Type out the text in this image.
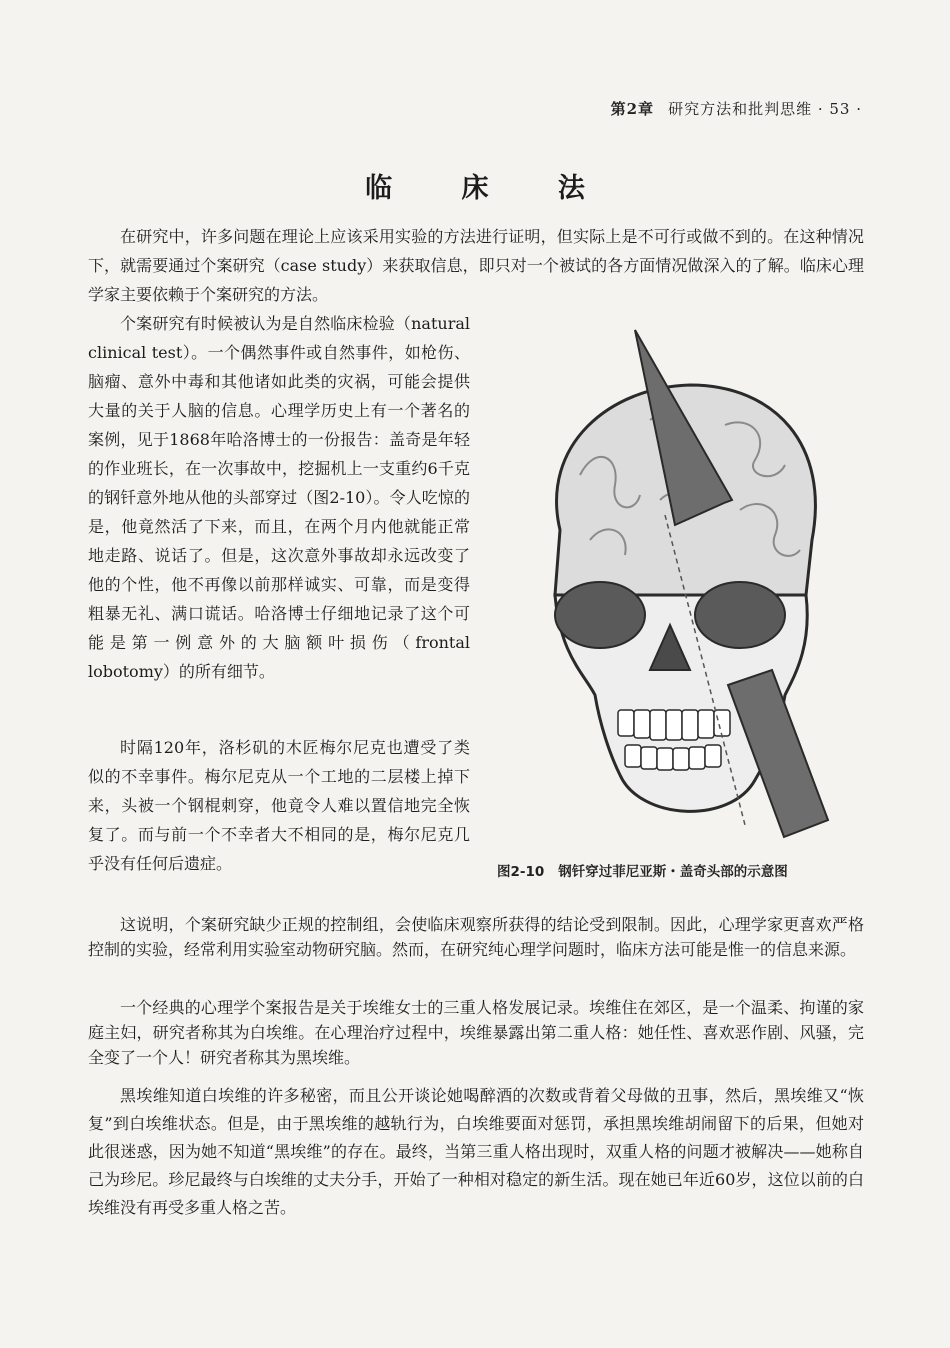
第2章 研究方法和批判思维 · 53 ·
临 床 法

在研究中，许多问题在理论上应该采用实验的方法进行证明，但实际上是不可行或做不到的。在这种情况下，就需要通过个案研究（case study）来获取信息，即只对一个被试的各方面情况做深入的了解。临床心理学家主要依赖于个案研究的方法。

个案研究有时候被认为是自然临床检验（natural clinical test）。一个偶然事件或自然事件，如枪伤、脑瘤、意外中毒和其他诸如此类的灾祸，可能会提供大量的关于人脑的信息。心理学历史上有一个著名的案例，见于1868年哈洛博士的一份报告：盖奇是年轻的作业班长，在一次事故中，挖掘机上一支重约6千克的钢钎意外地从他的头部穿过（图2-10）。令人吃惊的是，他竟然活了下来，而且，在两个月内他就能正常地走路、说话了。但是，这次意外事故却永远改变了他的个性，他不再像以前那样诚实、可靠，而是变得粗暴无礼、满口谎话。哈洛博士仔细地记录了这个可能是第一例意外的大脑额叶损伤（frontal lobotomy）的所有细节。

时隔120年，洛杉矶的木匠梅尔尼克也遭受了类似的不幸事件。梅尔尼克从一个工地的二层楼上掉下来，头被一个钢棍刺穿，他竟令人难以置信地完全恢复了。而与前一个不幸者大不相同的是，梅尔尼克几乎没有任何后遗症。	图2-10 钢钎穿过菲尼亚斯・盖奇头部的示意图

这说明，个案研究缺少正规的控制组，会使临床观察所获得的结论受到限制。因此，心理学家更喜欢严格控制的实验，经常利用实验室动物研究脑。然而，在研究纯心理学问题时，临床方法可能是惟一的信息来源。

一个经典的心理学个案报告是关于埃维女士的三重人格发展记录。埃维住在郊区，是一个温柔、拘谨的家庭主妇，研究者称其为白埃维。在心理治疗过程中，埃维暴露出第二重人格：她任性、喜欢恶作剧、风骚，完全变了一个人！研究者称其为黑埃维。

黑埃维知道白埃维的许多秘密，而且公开谈论她喝醉酒的次数或背着父母做的丑事，然后，黑埃维又“恢复”到白埃维状态。但是，由于黑埃维的越轨行为，白埃维要面对惩罚，承担黑埃维胡闹留下的后果，但她对此很迷惑，因为她不知道“黑埃维”的存在。最终，当第三重人格出现时，双重人格的问题才被解决——她称自己为珍尼。珍尼最终与白埃维的丈夫分手，开始了一种相对稳定的新生活。现在她已年近60岁，这位以前的白埃维没有再受多重人格之苦。
